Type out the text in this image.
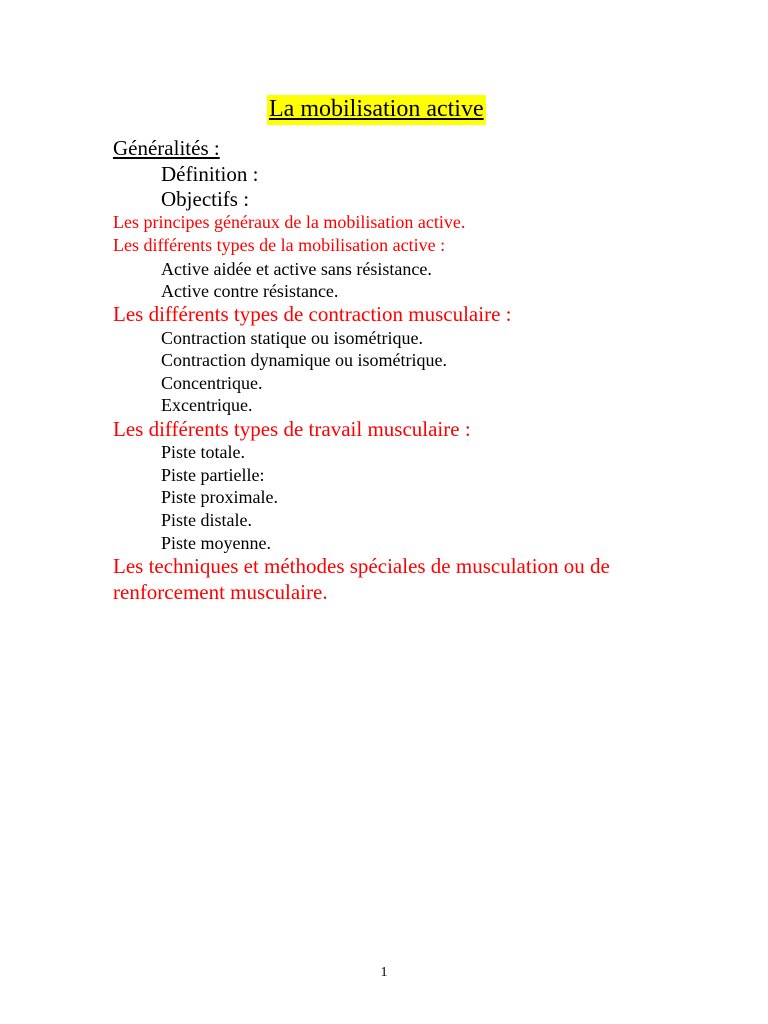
La mobilisation active
Généralités :
Définition :
Objectifs :
Les principes généraux de la mobilisation active.
Les différents types de la mobilisation active :
Active aidée et active sans résistance.
Active contre résistance.
Les différents types de contraction musculaire :
Contraction statique ou isométrique.
Contraction dynamique ou isométrique.
Concentrique.
Excentrique.
Les différents types de travail musculaire :
Piste totale.
Piste partielle:
Piste proximale.
Piste distale.
Piste moyenne.
Les techniques et méthodes spéciales de musculation ou de
renforcement musculaire.
1
